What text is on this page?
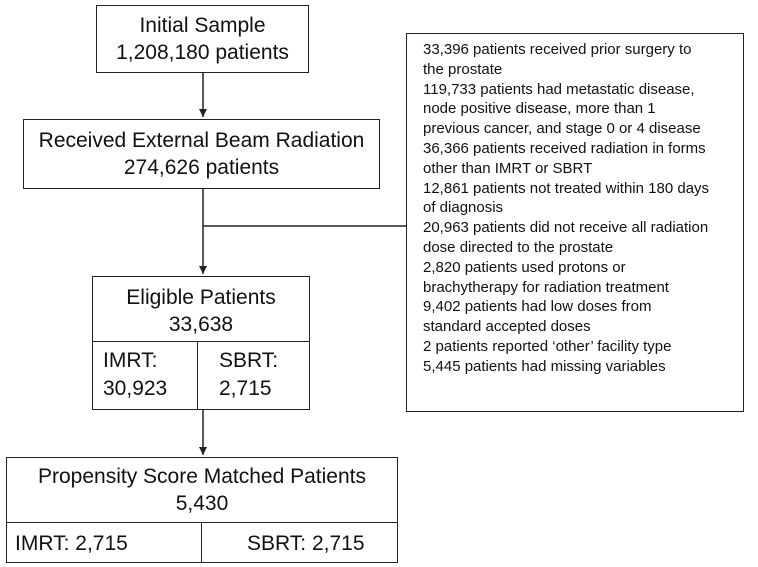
Initial Sample
1,208,180 patients
Received External Beam Radiation
274,626 patients
Eligible Patients
33,638
IMRT:
30,923
SBRT:
2,715
Propensity Score Matched Patients
5,430
IMRT: 2,715	SBRT: 2,715
33,396 patients received prior surgery to
the prostate
119,733 patients had metastatic disease,
node positive disease, more than 1
previous cancer, and stage 0 or 4 disease
36,366 patients received radiation in forms
other than IMRT or SBRT
12,861 patients not treated within 180 days
of diagnosis
20,963 patients did not receive all radiation
dose directed to the prostate
2,820 patients used protons or
brachytherapy for radiation treatment
9,402 patients had low doses from
standard accepted doses
2 patients reported ‘other’ facility type
5,445 patients had missing variables
